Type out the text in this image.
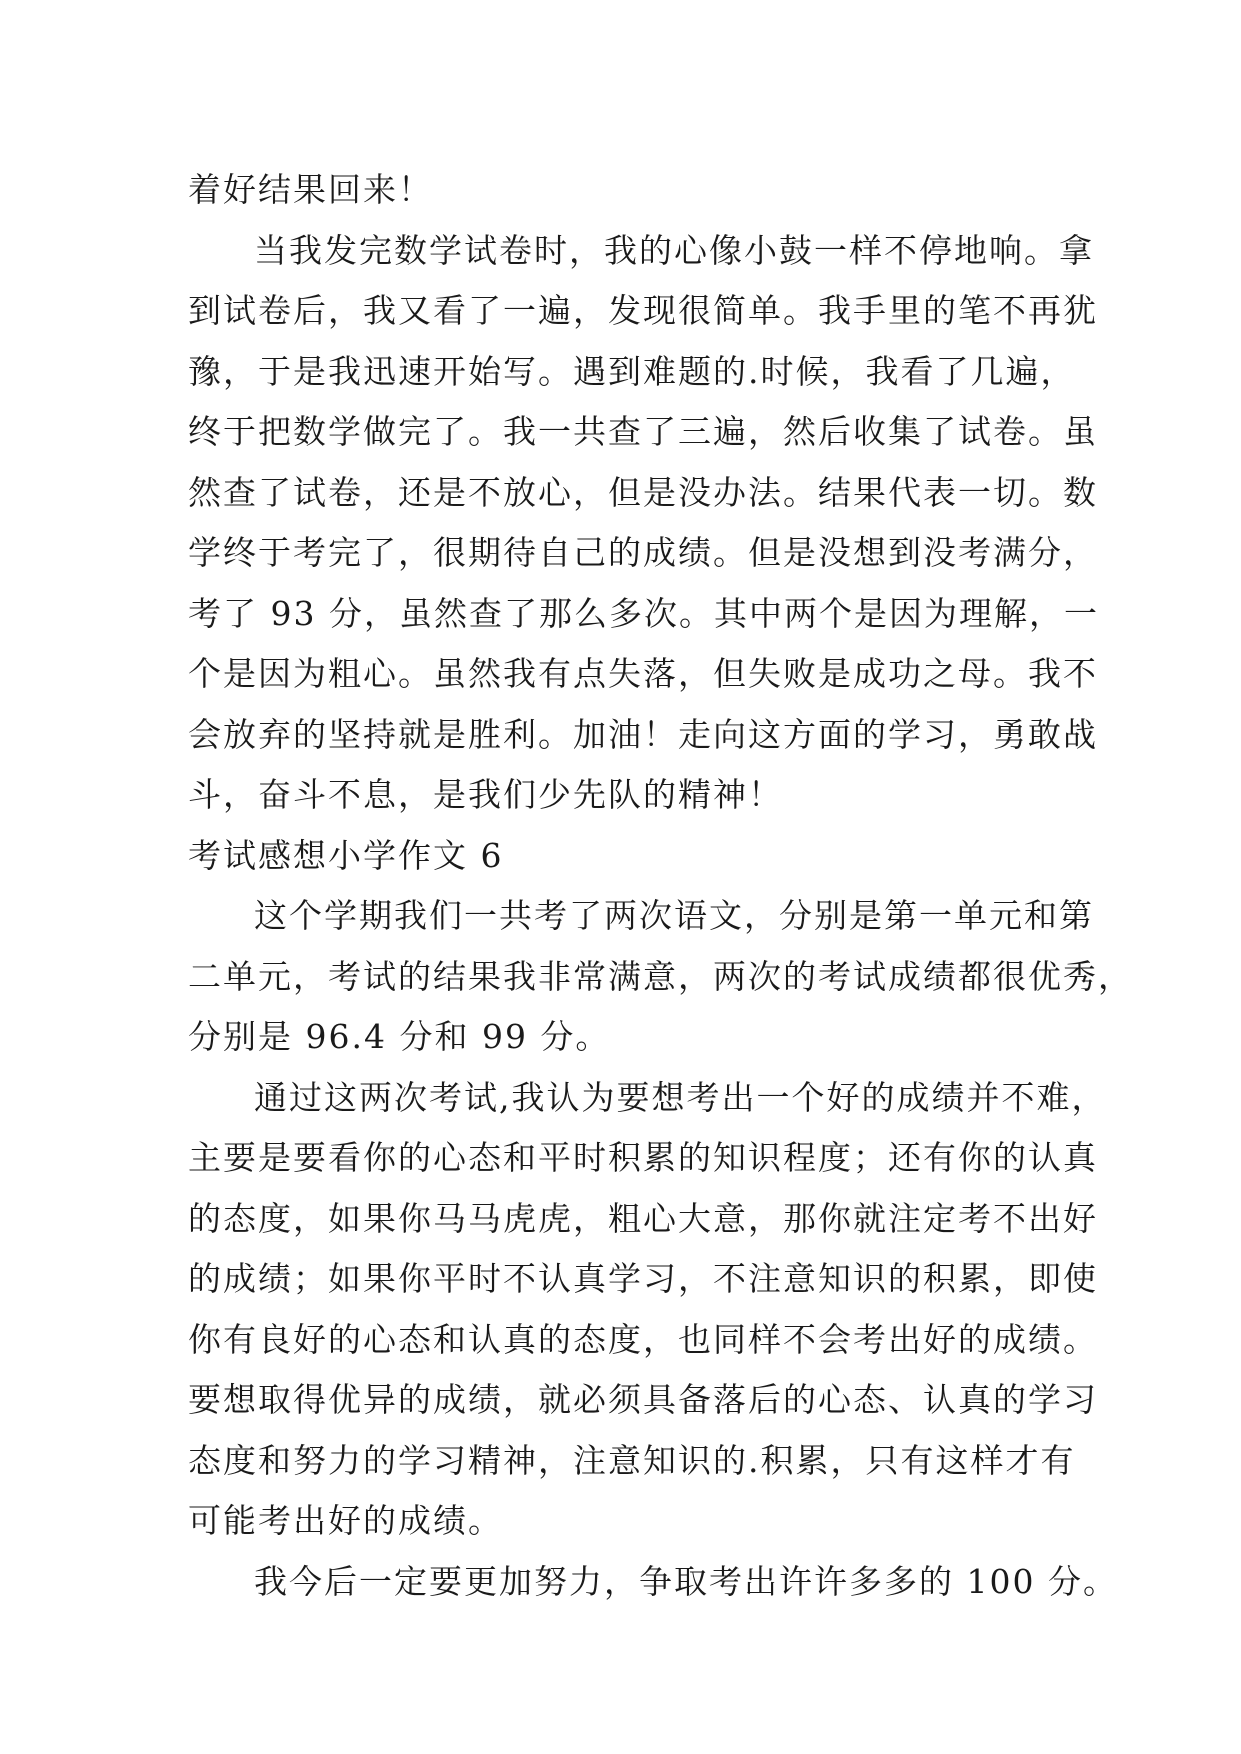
着好结果回来！
当我发完数学试卷时，我的心像小鼓一样不停地响。拿
到试卷后，我又看了一遍，发现很简单。我手里的笔不再犹
豫，于是我迅速开始写。遇到难题的.时候，我看了几遍，
终于把数学做完了。我一共查了三遍，然后收集了试卷。虽
然查了试卷，还是不放心，但是没办法。结果代表一切。数
学终于考完了，很期待自己的成绩。但是没想到没考满分，
考了 93 分，虽然查了那么多次。其中两个是因为理解，一
个是因为粗心。虽然我有点失落，但失败是成功之母。我不
会放弃的坚持就是胜利。加油！走向这方面的学习，勇敢战
斗，奋斗不息，是我们少先队的精神！
考试感想小学作文 6
这个学期我们一共考了两次语文，分别是第一单元和第
二单元，考试的结果我非常满意，两次的考试成绩都很优秀，
分别是 96.4 分和 99 分。
通过这两次考试,我认为要想考出一个好的成绩并不难，
主要是要看你的心态和平时积累的知识程度；还有你的认真
的态度，如果你马马虎虎，粗心大意，那你就注定考不出好
的成绩；如果你平时不认真学习，不注意知识的积累，即使
你有良好的心态和认真的态度，也同样不会考出好的成绩。
要想取得优异的成绩，就必须具备落后的心态、认真的学习
态度和努力的学习精神，注意知识的.积累，只有这样才有
可能考出好的成绩。
我今后一定要更加努力，争取考出许许多多的 100 分。
